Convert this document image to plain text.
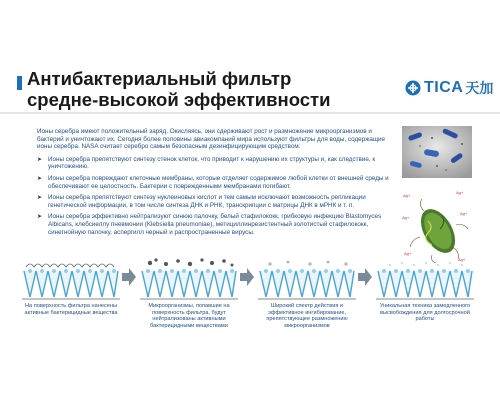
Антибактериальный фильтр
средне-высокой эффективности
TICA 天加

Ионы серебра имеют положительный заряд. Окисляясь, они сдерживают рост и размножение микроорганизмов и бактерий и уничтожают их. Сегодня более половины авиакомпаний мира используют фильтры для воды, содержащие ионы серебра. NASA считает серебро самым безопасным дезинфицирующим средством.

➤ Ионы серебра препятствуют синтезу стенок клеток, что приводит к нарушению их структуры и, как следствие, к уничтожению.
➤ Ионы серебра повреждают клеточные мембраны, которые отделяет содержимое любой клетки от внешней среды и обеспечивают ее целостность. Бактерии с поврежденными мембранами погибают.
➤ Ионы серебра препятствуют синтезу нуклеиновых кислот и тем самым исключают возможность репликации генетической информации, в том числе синтеза ДНК и РНК, транскрипции с матрицы ДНК в мРНК и т. п.
➤ Ионы серебра эффективно нейтрализуют синюю палочку, белый стафилококк, грибковую инфекцию Blastomyces Albicans, клебсиеллу пневмонии (Klebsiella pneumoniae), метициллинрезистентный золотистый стафилококк, синегнойную палочку, аспергилл черный и распространенные вирусы.
Ag+
Ag+
Ag+
Ag+
Ag+
Ag+
На поверхность фильтра нанесены активные бактерицидные вещества
Микроорганизмы, попавшие на поверхность фильтра, будут нейтрализованы активными бактерицидными веществами
Широкий спектр действия и эффективное ингибирование, препятствующее размножению микроорганизмов
Уникальная техника замедленного высвобождения для долгосрочной работы
